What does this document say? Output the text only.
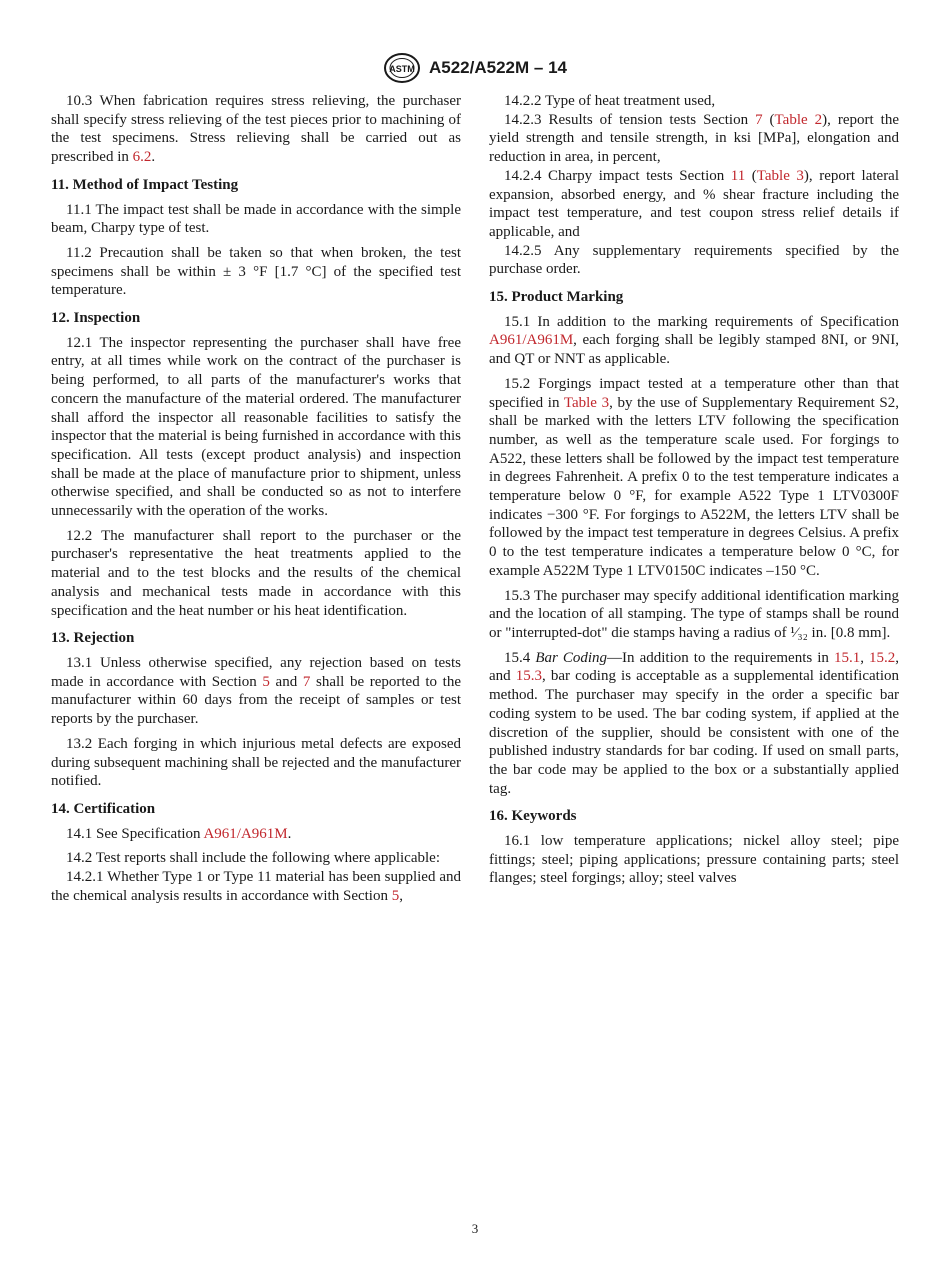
ASTM A522/A522M – 14

10.3 When fabrication requires stress relieving, the purchaser shall specify stress relieving of the test pieces prior to machining of the test specimens. Stress relieving shall be carried out as prescribed in 6.2.

11. Method of Impact Testing

11.1 The impact test shall be made in accordance with the simple beam, Charpy type of test.

11.2 Precaution shall be taken so that when broken, the test specimens shall be within ± 3 °F [1.7 °C] of the specified test temperature.

12. Inspection

12.1 The inspector representing the purchaser shall have free entry, at all times while work on the contract of the purchaser is being performed, to all parts of the manufacturer's works that concern the manufacture of the material ordered. The manufacturer shall afford the inspector all reasonable facilities to satisfy the inspector that the material is being furnished in accordance with this specification. All tests (except product analysis) and inspection shall be made at the place of manufacture prior to shipment, unless otherwise specified, and shall be conducted so as not to interfere unnecessarily with the operation of the works.

12.2 The manufacturer shall report to the purchaser or the purchaser's representative the heat treatments applied to the material and to the test blocks and the results of the chemical analysis and mechanical tests made in accordance with this specification and the heat number or his heat identification.

13. Rejection

13.1 Unless otherwise specified, any rejection based on tests made in accordance with Section 5 and 7 shall be reported to the manufacturer within 60 days from the receipt of samples or test reports by the purchaser.

13.2 Each forging in which injurious metal defects are exposed during subsequent machining shall be rejected and the manufacturer notified.

14. Certification

14.1 See Specification A961/A961M.

14.2 Test reports shall include the following where applicable:

14.2.1 Whether Type 1 or Type 11 material has been supplied and the chemical analysis results in accordance with Section 5,

14.2.2 Type of heat treatment used,

14.2.3 Results of tension tests Section 7 (Table 2), report the yield strength and tensile strength, in ksi [MPa], elongation and reduction in area, in percent,

14.2.4 Charpy impact tests Section 11 (Table 3), report lateral expansion, absorbed energy, and % shear fracture including the impact test temperature, and test coupon stress relief details if applicable, and

14.2.5 Any supplementary requirements specified by the purchase order.

15. Product Marking

15.1 In addition to the marking requirements of Specification A961/A961M, each forging shall be legibly stamped 8NI, or 9NI, and QT or NNT as applicable.

15.2 Forgings impact tested at a temperature other than that specified in Table 3, by the use of Supplementary Requirement S2, shall be marked with the letters LTV following the specification number, as well as the temperature scale used. For forgings to A522, these letters shall be followed by the impact test temperature in degrees Fahrenheit. A prefix 0 to the test temperature indicates a temperature below 0 °F, for example A522 Type 1 LTV0300F indicates −300 °F. For forgings to A522M, the letters LTV shall be followed by the impact test temperature in degrees Celsius. A prefix 0 to the test temperature indicates a temperature below 0 °C, for example A522M Type 1 LTV0150C indicates –150 °C.

15.3 The purchaser may specify additional identification marking and the location of all stamping. The type of stamps shall be round or "interrupted-dot" die stamps having a radius of ¹⁄₃₂ in. [0.8 mm].

15.4 Bar Coding—In addition to the requirements in 15.1, 15.2, and 15.3, bar coding is acceptable as a supplemental identification method. The purchaser may specify in the order a specific bar coding system to be used. The bar coding system, if applied at the discretion of the supplier, should be consistent with one of the published industry standards for bar coding. If used on small parts, the bar code may be applied to the box or a substantially applied tag.

16. Keywords

16.1 low temperature applications; nickel alloy steel; pipe fittings; steel; piping applications; pressure containing parts; steel flanges; steel forgings; alloy; steel valves

3
